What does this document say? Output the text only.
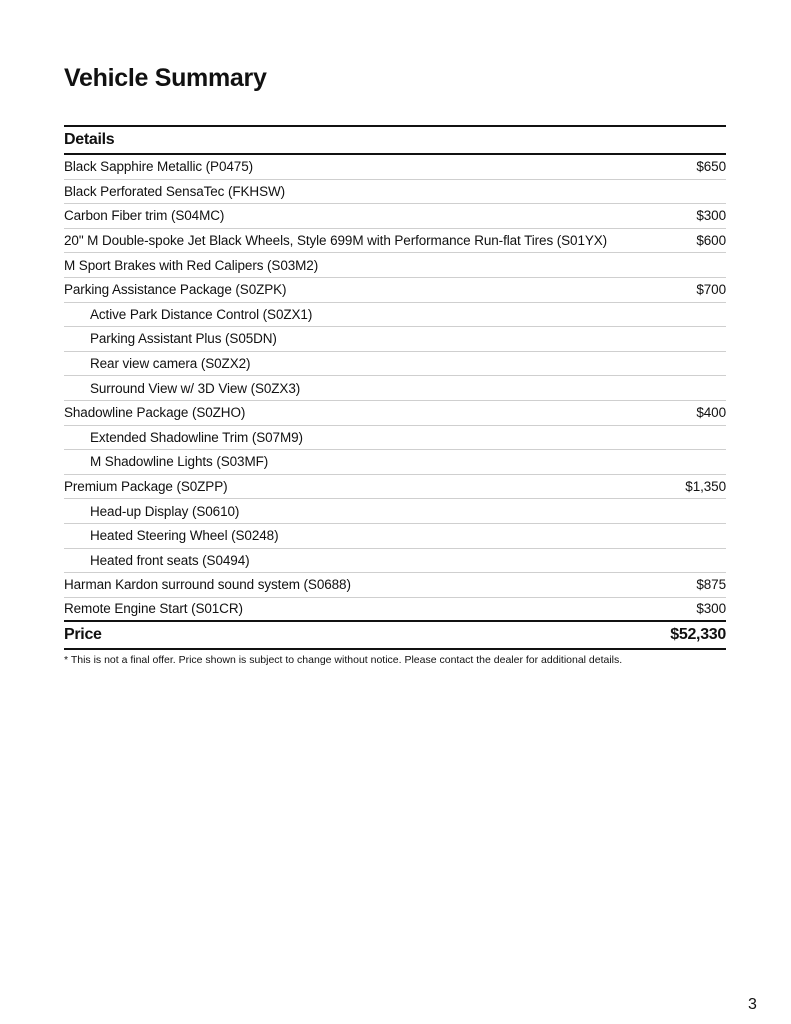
Vehicle Summary
Details
Black Sapphire Metallic (P0475)	$650
Black Perforated SensaTec (FKHSW)
Carbon Fiber trim (S04MC)	$300
20" M Double-spoke Jet Black Wheels, Style 699M with Performance Run-flat Tires (S01YX)	$600
M Sport Brakes with Red Calipers (S03M2)
Parking Assistance Package (S0ZPK)	$700
Active Park Distance Control (S0ZX1)
Parking Assistant Plus (S05DN)
Rear view camera (S0ZX2)
Surround View w/ 3D View (S0ZX3)
Shadowline Package (S0ZHO)	$400
Extended Shadowline Trim (S07M9)
M Shadowline Lights (S03MF)
Premium Package (S0ZPP)	$1,350
Head-up Display (S0610)
Heated Steering Wheel (S0248)
Heated front seats (S0494)
Harman Kardon surround sound system (S0688)	$875
Remote Engine Start (S01CR)	$300
Price	$52,330

* This is not a final offer. Price shown is subject to change without notice. Please contact the dealer for additional details.

3
